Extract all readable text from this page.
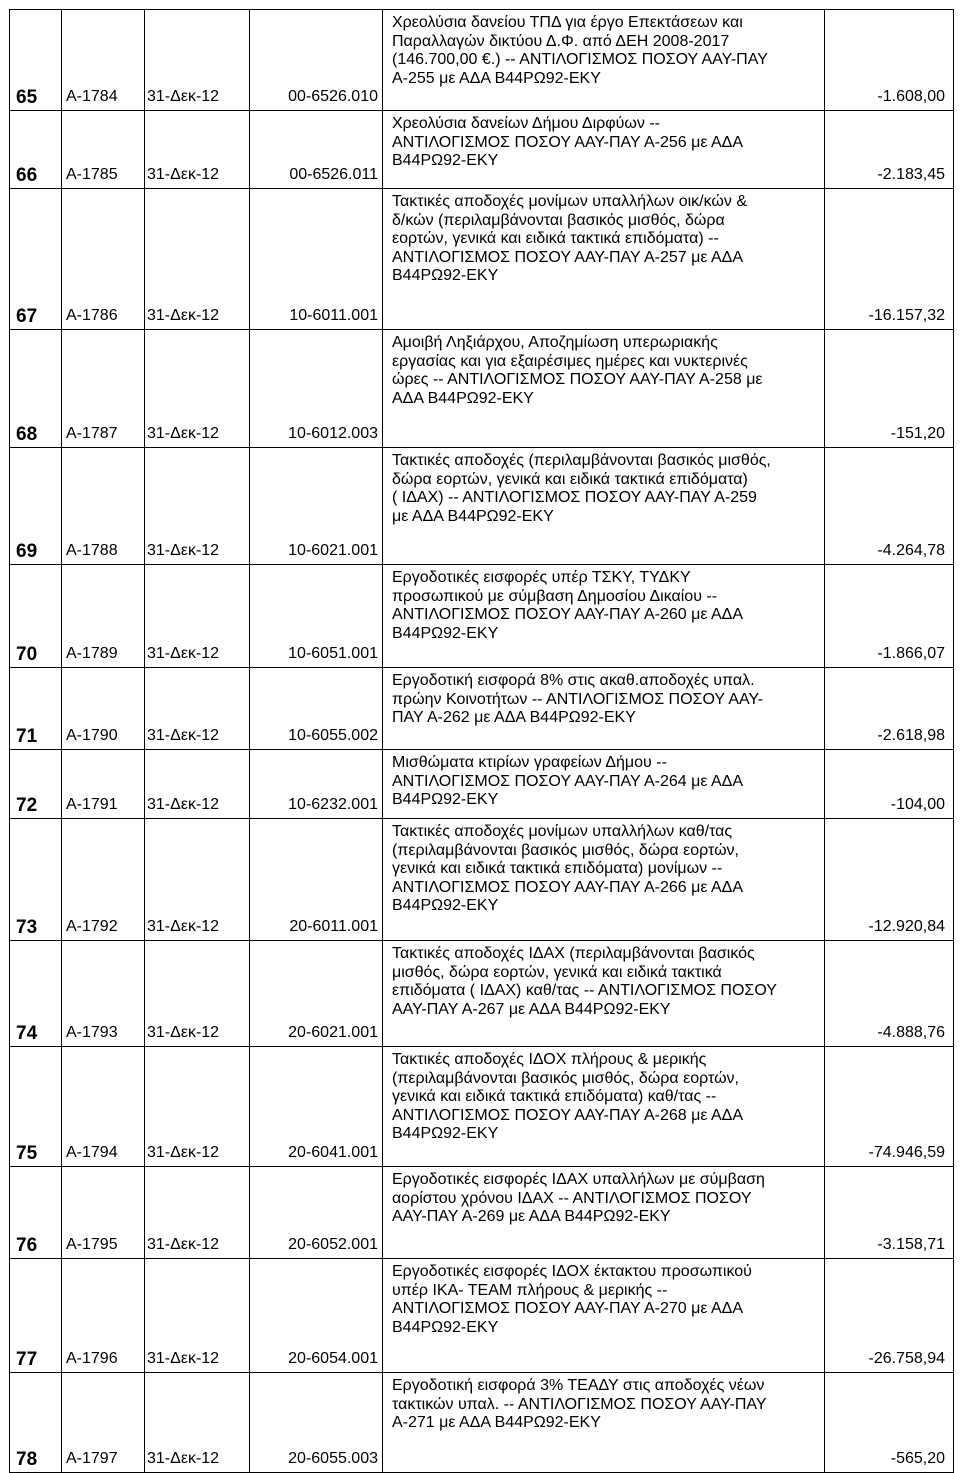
65	Α-1784	31-Δεκ-12	00-6526.010	Χρεολύσια δανείου ΤΠΔ για έργο Επεκτάσεων και
Παραλλαγών δικτύου Δ.Φ. από ΔΕΗ 2008-2017
(146.700,00 €.) -- ΑΝΤΙΛΟΓΙΣΜΟΣ ΠΟΣΟΥ ΑΑΥ-ΠΑΥ
Α-255 με ΑΔΑ Β44ΡΩ92-ΕΚΥ	-1.608,00
66	Α-1785	31-Δεκ-12	00-6526.011	Χρεολύσια δανείων Δήμου Διρφύων --
ΑΝΤΙΛΟΓΙΣΜΟΣ ΠΟΣΟΥ ΑΑΥ-ΠΑΥ Α-256 με ΑΔΑ
Β44ΡΩ92-ΕΚΥ	-2.183,45
67	Α-1786	31-Δεκ-12	10-6011.001	Τακτικές αποδοχές μονίμων υπαλλήλων οικ/κών &
δ/κών (περιλαμβάνονται βασικός μισθός, δώρα
εορτών, γενικά και ειδικά τακτικά επιδόματα) --
ΑΝΤΙΛΟΓΙΣΜΟΣ ΠΟΣΟΥ ΑΑΥ-ΠΑΥ Α-257 με ΑΔΑ
Β44ΡΩ92-ΕΚΥ	-16.157,32
68	Α-1787	31-Δεκ-12	10-6012.003	Αμοιβή Ληξιάρχου, Αποζημίωση υπερωριακής
εργασίας και για εξαιρέσιμες ημέρες και νυκτερινές
ώρες -- ΑΝΤΙΛΟΓΙΣΜΟΣ ΠΟΣΟΥ ΑΑΥ-ΠΑΥ Α-258 με
ΑΔΑ Β44ΡΩ92-ΕΚΥ	-151,20
69	Α-1788	31-Δεκ-12	10-6021.001	Τακτικές αποδοχές (περιλαμβάνονται βασικός μισθός,
δώρα εορτών, γενικά και ειδικά τακτικά επιδόματα)
( ΙΔΑΧ) -- ΑΝΤΙΛΟΓΙΣΜΟΣ ΠΟΣΟΥ ΑΑΥ-ΠΑΥ Α-259
με ΑΔΑ Β44ΡΩ92-ΕΚΥ	-4.264,78
70	Α-1789	31-Δεκ-12	10-6051.001	Εργοδοτικές εισφορές υπέρ ΤΣΚΥ, ΤΥΔΚΥ
προσωπικού με σύμβαση Δημοσίου Δικαίου --
ΑΝΤΙΛΟΓΙΣΜΟΣ ΠΟΣΟΥ ΑΑΥ-ΠΑΥ Α-260 με ΑΔΑ
Β44ΡΩ92-ΕΚΥ	-1.866,07
71	Α-1790	31-Δεκ-12	10-6055.002	Εργοδοτική εισφορά 8% στις ακαθ.αποδοχές υπαλ.
πρώην Κοινοτήτων -- ΑΝΤΙΛΟΓΙΣΜΟΣ ΠΟΣΟΥ ΑΑΥ-
ΠΑΥ Α-262 με ΑΔΑ Β44ΡΩ92-ΕΚΥ	-2.618,98
72	Α-1791	31-Δεκ-12	10-6232.001	Μισθώματα κτιρίων γραφείων Δήμου --
ΑΝΤΙΛΟΓΙΣΜΟΣ ΠΟΣΟΥ ΑΑΥ-ΠΑΥ Α-264 με ΑΔΑ
Β44ΡΩ92-ΕΚΥ	-104,00
73	Α-1792	31-Δεκ-12	20-6011.001	Τακτικές αποδοχές μονίμων υπαλλήλων καθ/τας
(περιλαμβάνονται βασικός μισθός, δώρα εορτών,
γενικά και ειδικά τακτικά επιδόματα) μονίμων --
ΑΝΤΙΛΟΓΙΣΜΟΣ ΠΟΣΟΥ ΑΑΥ-ΠΑΥ Α-266 με ΑΔΑ
Β44ΡΩ92-ΕΚΥ	-12.920,84
74	Α-1793	31-Δεκ-12	20-6021.001	Τακτικές αποδοχές ΙΔΑΧ (περιλαμβάνονται βασικός
μισθός, δώρα εορτών, γενικά και ειδικά τακτικά
επιδόματα ( ΙΔΑΧ) καθ/τας -- ΑΝΤΙΛΟΓΙΣΜΟΣ ΠΟΣΟΥ
ΑΑΥ-ΠΑΥ Α-267 με ΑΔΑ Β44ΡΩ92-ΕΚΥ	-4.888,76
75	Α-1794	31-Δεκ-12	20-6041.001	Τακτικές αποδοχές ΙΔΟΧ πλήρους & μερικής
(περιλαμβάνονται βασικός μισθός, δώρα εορτών,
γενικά και ειδικά τακτικά επιδόματα) καθ/τας --
ΑΝΤΙΛΟΓΙΣΜΟΣ ΠΟΣΟΥ ΑΑΥ-ΠΑΥ Α-268 με ΑΔΑ
Β44ΡΩ92-ΕΚΥ	-74.946,59
76	Α-1795	31-Δεκ-12	20-6052.001	Εργοδοτικές εισφορές ΙΔΑΧ υπαλλήλων με σύμβαση
αορίστου χρόνου ΙΔΑΧ -- ΑΝΤΙΛΟΓΙΣΜΟΣ ΠΟΣΟΥ
ΑΑΥ-ΠΑΥ Α-269 με ΑΔΑ Β44ΡΩ92-ΕΚΥ	-3.158,71
77	Α-1796	31-Δεκ-12	20-6054.001	Εργοδοτικές εισφορές ΙΔΟΧ έκτακτου προσωπικού
υπέρ ΙΚΑ- ΤΕΑΜ πλήρους & μερικής --
ΑΝΤΙΛΟΓΙΣΜΟΣ ΠΟΣΟΥ ΑΑΥ-ΠΑΥ Α-270 με ΑΔΑ
Β44ΡΩ92-ΕΚΥ	-26.758,94
78	Α-1797	31-Δεκ-12	20-6055.003	Εργοδοτική εισφορά 3% ΤΕΑΔΥ στις αποδοχές νέων
τακτικών υπαλ. -- ΑΝΤΙΛΟΓΙΣΜΟΣ ΠΟΣΟΥ ΑΑΥ-ΠΑΥ
Α-271 με ΑΔΑ Β44ΡΩ92-ΕΚΥ	-565,20
